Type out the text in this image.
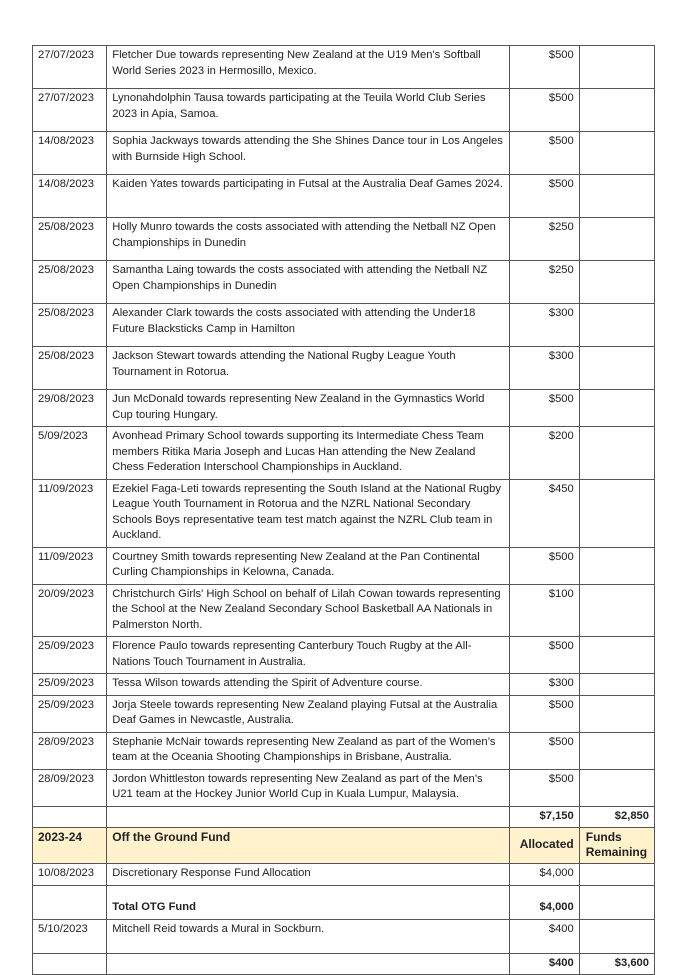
27/07/2023	Fletcher Due towards representing New Zealand at the U19 Men's Softball World Series 2023 in Hermosillo, Mexico.	$500	
27/07/2023	Lynonahdolphin Tausa towards participating at the Teuila World Club Series 2023 in Apia, Samoa.	$500	
14/08/2023	Sophia Jackways towards attending the She Shines Dance tour in Los Angeles with Burnside High School.	$500	
14/08/2023	Kaiden Yates towards participating in Futsal at the Australia Deaf Games 2024.	$500	
25/08/2023	Holly Munro towards the costs associated with attending the Netball NZ Open Championships in Dunedin	$250	
25/08/2023	Samantha Laing towards the costs associated with attending the Netball NZ Open Championships in Dunedin	$250	
25/08/2023	Alexander Clark towards the costs associated with attending the Under18 Future Blacksticks Camp in Hamilton	$300	
25/08/2023	Jackson Stewart towards attending the National Rugby League Youth Tournament in Rotorua.	$300	
29/08/2023	Jun McDonald towards representing New Zealand in the Gymnastics World Cup touring Hungary.	$500	
5/09/2023	Avonhead Primary School towards supporting its Intermediate Chess Team members Ritika Maria Joseph and Lucas Han attending the New Zealand Chess Federation Interschool Championships in Auckland.	$200	
11/09/2023	Ezekiel Faga-Leti towards representing the South Island at the National Rugby League Youth Tournament in Rotorua and the NZRL National Secondary Schools Boys representative team test match against the NZRL Club team in Auckland.	$450	
11/09/2023	Courtney Smith towards representing New Zealand at the Pan Continental Curling Championships in Kelowna, Canada.	$500	
20/09/2023	Christchurch Girls' High School on behalf of Lilah Cowan towards representing the School at the New Zealand Secondary School Basketball AA Nationals in Palmerston North.	$100	
25/09/2023	Florence Paulo towards representing Canterbury Touch Rugby at the All-Nations Touch Tournament in Australia.	$500	
25/09/2023	Tessa Wilson towards attending the Spirit of Adventure course.	$300	
25/09/2023	Jorja Steele towards representing New Zealand playing Futsal at the Australia Deaf Games in Newcastle, Australia.	$500	
28/09/2023	Stephanie McNair towards representing New Zealand as part of the Women’s team at the Oceania Shooting Championships in Brisbane, Australia.	$500	
28/09/2023	Jordon Whittleston towards representing New Zealand as part of the Men’s U21 team at the Hockey Junior World Cup in Kuala Lumpur, Malaysia.	$500	
		$7,150	$2,850
2023-24	Off the Ground Fund	Allocated	Funds Remaining
10/08/2023	Discretionary Response Fund Allocation	$4,000	
	Total OTG Fund	$4,000	
5/10/2023	Mitchell Reid towards a Mural in Sockburn.	$400	
		$400	$3,600
